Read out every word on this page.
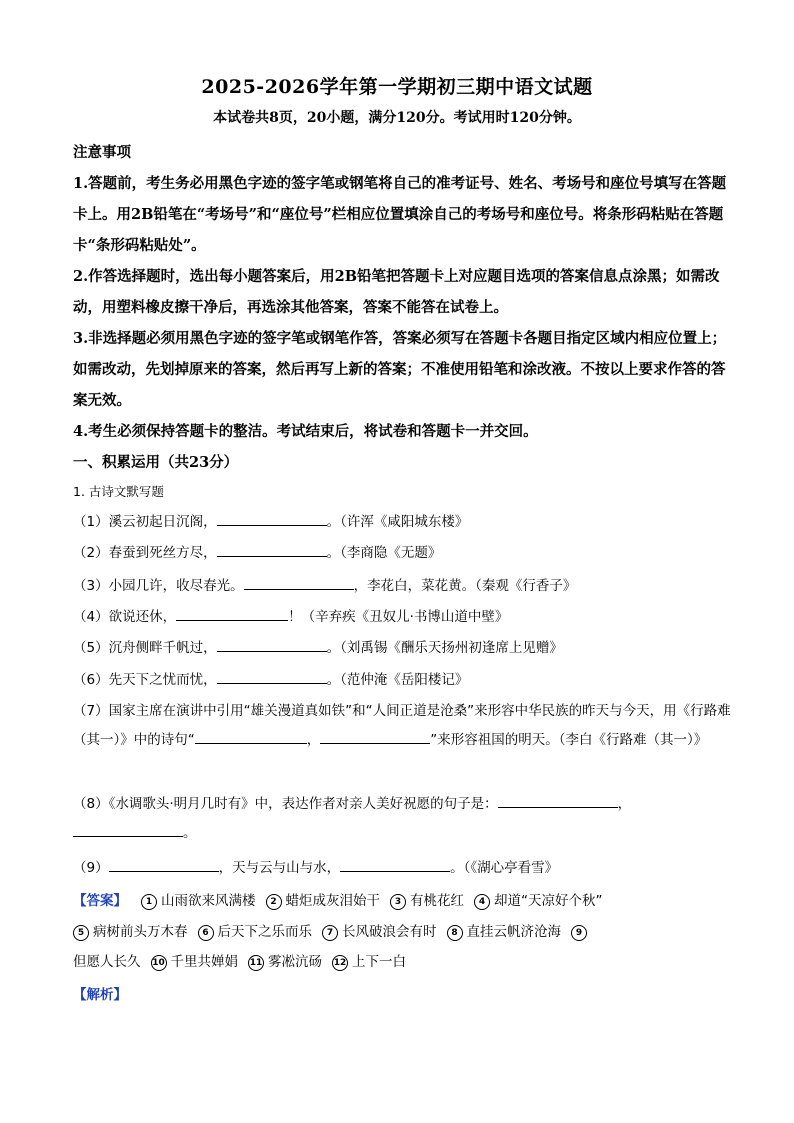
2025-2026学年第一学期初三期中语文试题
本试卷共8页，20小题，满分120分。考试用时120分钟。
注意事项
1.答题前，考生务必用黑色字迹的签字笔或钢笔将自己的准考证号、姓名、考场号和座位号填写在答题卡上。用2B铅笔在“考场号”和“座位号”栏相应位置填涂自己的考场号和座位号。将条形码粘贴在答题卡“条形码粘贴处”。
2.作答选择题时，选出每小题答案后，用2B铅笔把答题卡上对应题目选项的答案信息点涂黑；如需改动，用塑料橡皮擦干净后，再选涂其他答案，答案不能答在试卷上。
3.非选择题必须用黑色字迹的签字笔或钢笔作答，答案必须写在答题卡各题目指定区域内相应位置上；如需改动，先划掉原来的答案，然后再写上新的答案；不准使用铅笔和涂改液。不按以上要求作答的答案无效。
4.考生必须保持答题卡的整洁。考试结束后，将试卷和答题卡一并交回。
一、积累运用（共23分）
1. 古诗文默写题
（1）溪云初起日沉阁，	。（许浑《咸阳城东楼》
（2）春蚕到死丝方尽，	。（李商隐《无题》
（3）小园几许，收尽春光。	，李花白，菜花黄。（秦观《行香子》
（4）欲说还休，	！（辛弃疾《丑奴儿·书博山道中壁》
（5）沉舟侧畔千帆过，	。（刘禹锡《酬乐天扬州初逢席上见赠》
（6）先天下之忧而忧，	。（范仲淹《岳阳楼记》
（7）国家主席在演讲中引用“雄关漫道真如铁”和“人间正道是沧桑”来形容中华民族的昨天与今天，用《行路难（其一）》中的诗句“	，	”来形容祖国的明天。（李白《行路难（其一）》
（8）《水调歌头·明月几时有》中，表达作者对亲人美好祝愿的句子是：	，。
（9）	，天与云与山与水，	。（《湖心亭看雪》
【答案】 1 山雨欲来风满楼 2 蜡炬成灰泪始干 3 有桃花红 4 却道“天凉好个秋”
5 病树前头万木春 6 后天下之乐而乐 7 长风破浪会有时 8 直挂云帆济沧海 9
但愿人长久 10 千里共婵娟 11 雾凇沆砀 12 上下一白
【解析】
